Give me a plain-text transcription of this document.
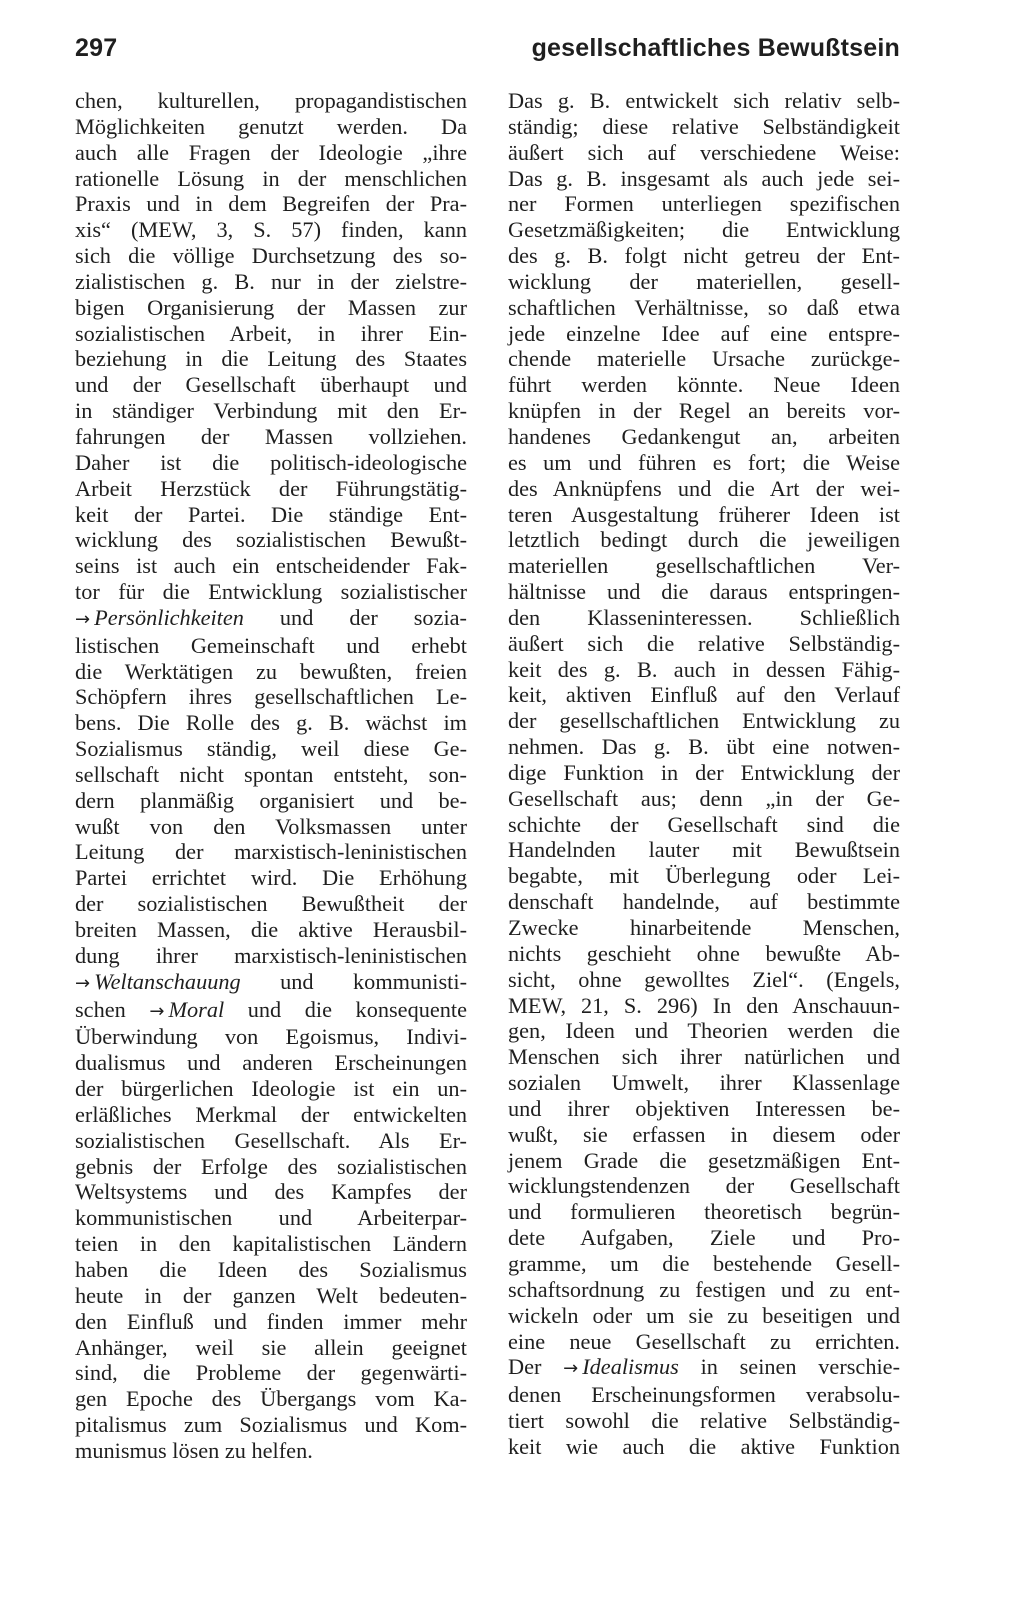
297	gesellschaftliches Bewußtsein
chen, kulturellen, propagandistischen
Möglichkeiten genutzt werden. Da
auch alle Fragen der Ideologie „ihre
rationelle Lösung in der menschlichen
Praxis und in dem Begreifen der Pra-
xis“ (MEW, 3, S. 57) finden, kann
sich die völlige Durchsetzung des so-
zialistischen g. B. nur in der zielstre-
bigen Organisierung der Massen zur
sozialistischen Arbeit, in ihrer Ein-
beziehung in die Leitung des Staates
und der Gesellschaft überhaupt und
in ständiger Verbindung mit den Er-
fahrungen der Massen vollziehen.
Daher ist die politisch-ideologische
Arbeit Herzstück der Führungstätig-
keit der Partei. Die ständige Ent-
wicklung des sozialistischen Bewußt-
seins ist auch ein entscheidender Fak-
tor für die Entwicklung sozialistischer
→ Persönlichkeiten und der sozia-
listischen Gemeinschaft und erhebt
die Werktätigen zu bewußten, freien
Schöpfern ihres gesellschaftlichen Le-
bens. Die Rolle des g. B. wächst im
Sozialismus ständig, weil diese Ge-
sellschaft nicht spontan entsteht, son-
dern planmäßig organisiert und be-
wußt von den Volksmassen unter
Leitung der marxistisch-leninistischen
Partei errichtet wird. Die Erhöhung
der sozialistischen Bewußtheit der
breiten Massen, die aktive Herausbil-
dung ihrer marxistisch-leninistischen
→ Weltanschauung und kommunisti-
schen → Moral und die konsequente
Überwindung von Egoismus, Indivi-
dualismus und anderen Erscheinungen
der bürgerlichen Ideologie ist ein un-
erläßliches Merkmal der entwickelten
sozialistischen Gesellschaft. Als Er-
gebnis der Erfolge des sozialistischen
Weltsystems und des Kampfes der
kommunistischen und Arbeiterpar-
teien in den kapitalistischen Ländern
haben die Ideen des Sozialismus
heute in der ganzen Welt bedeuten-
den Einfluß und finden immer mehr
Anhänger, weil sie allein geeignet
sind, die Probleme der gegenwärti-
gen Epoche des Übergangs vom Ka-
pitalismus zum Sozialismus und Kom-
munismus lösen zu helfen.
Das g. B. entwickelt sich relativ selb-
ständig; diese relative Selbständigkeit
äußert sich auf verschiedene Weise:
Das g. B. insgesamt als auch jede sei-
ner Formen unterliegen spezifischen
Gesetzmäßigkeiten; die Entwicklung
des g. B. folgt nicht getreu der Ent-
wicklung der materiellen, gesell-
schaftlichen Verhältnisse, so daß etwa
jede einzelne Idee auf eine entspre-
chende materielle Ursache zurückge-
führt werden könnte. Neue Ideen
knüpfen in der Regel an bereits vor-
handenes Gedankengut an, arbeiten
es um und führen es fort; die Weise
des Anknüpfens und die Art der wei-
teren Ausgestaltung früherer Ideen ist
letztlich bedingt durch die jeweiligen
materiellen gesellschaftlichen Ver-
hältnisse und die daraus entspringen-
den Klasseninteressen. Schließlich
äußert sich die relative Selbständig-
keit des g. B. auch in dessen Fähig-
keit, aktiven Einfluß auf den Verlauf
der gesellschaftlichen Entwicklung zu
nehmen. Das g. B. übt eine notwen-
dige Funktion in der Entwicklung der
Gesellschaft aus; denn „in der Ge-
schichte der Gesellschaft sind die
Handelnden lauter mit Bewußtsein
begabte, mit Überlegung oder Lei-
denschaft handelnde, auf bestimmte
Zwecke hinarbeitende Menschen,
nichts geschieht ohne bewußte Ab-
sicht, ohne gewolltes Ziel“. (Engels,
MEW, 21, S. 296) In den Anschauun-
gen, Ideen und Theorien werden die
Menschen sich ihrer natürlichen und
sozialen Umwelt, ihrer Klassenlage
und ihrer objektiven Interessen be-
wußt, sie erfassen in diesem oder
jenem Grade die gesetzmäßigen Ent-
wicklungstendenzen der Gesellschaft
und formulieren theoretisch begrün-
dete Aufgaben, Ziele und Pro-
gramme, um die bestehende Gesell-
schaftsordnung zu festigen und zu ent-
wickeln oder um sie zu beseitigen und
eine neue Gesellschaft zu errichten.
Der → Idealismus in seinen verschie-
denen Erscheinungsformen verabsolu-
tiert sowohl die relative Selbständig-
keit wie auch die aktive Funktion
